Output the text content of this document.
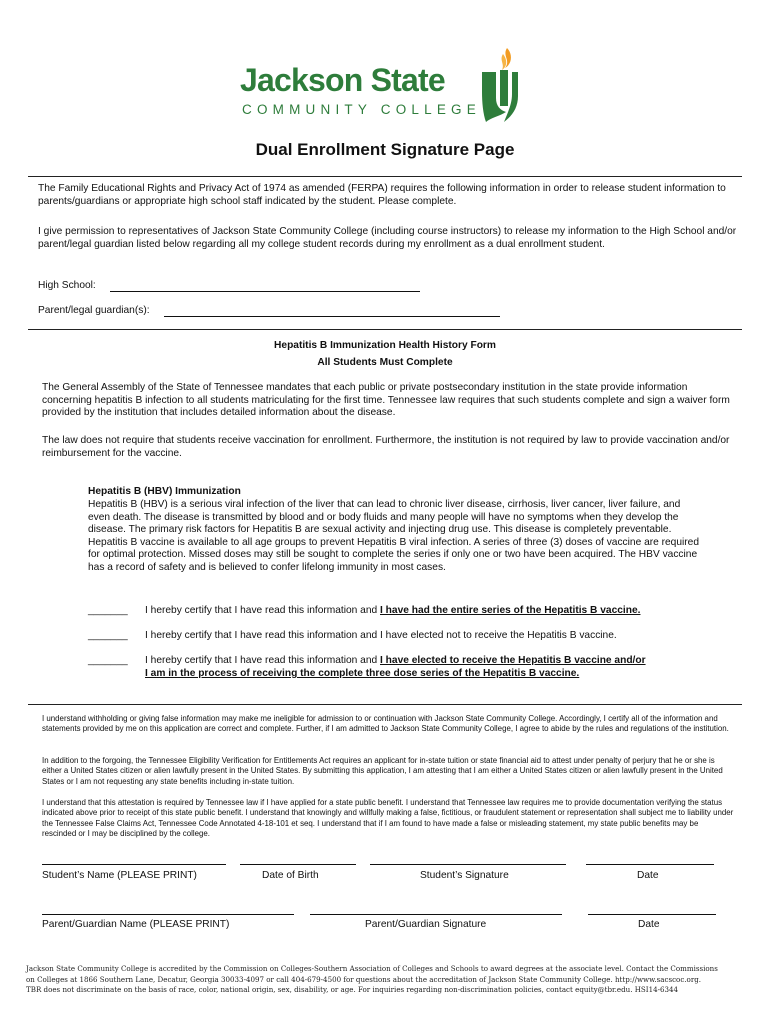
Jackson State
COMMUNITY COLLEGE
Dual Enrollment Signature Page
The Family Educational Rights and Privacy Act of 1974 as amended (FERPA) requires the following information in order to release student information to parents/guardians or appropriate high school staff indicated by the student. Please complete.
I give permission to representatives of Jackson State Community College (including course instructors) to release my information to the High School and/or parent/legal guardian listed below regarding all my college student records during my enrollment as a dual enrollment student.
High School:
Parent/legal guardian(s):
Hepatitis B Immunization Health History Form
All Students Must Complete
The General Assembly of the State of Tennessee mandates that each public or private postsecondary institution in the state provide information concerning hepatitis B infection to all students matriculating for the first time. Tennessee law requires that such students complete and sign a waiver form provided by the institution that includes detailed information about the disease.
The law does not require that students receive vaccination for enrollment. Furthermore, the institution is not required by law to provide vaccination and/or reimbursement for the vaccine.
Hepatitis B (HBV) Immunization
Hepatitis B (HBV) is a serious viral infection of the liver that can lead to chronic liver disease, cirrhosis, liver cancer, liver failure, and even death. The disease is transmitted by blood and or body fluids and many people will have no symptoms when they develop the disease. The primary risk factors for Hepatitis B are sexual activity and injecting drug use. This disease is completely preventable. Hepatitis B vaccine is available to all age groups to prevent Hepatitis B viral infection. A series of three (3) doses of vaccine are required for optimal protection. Missed doses may still be sought to complete the series if only one or two have been acquired. The HBV vaccine has a record of safety and is believed to confer lifelong immunity in most cases.
_______ I hereby certify that I have read this information and I have had the entire series of the Hepatitis B vaccine.
_______ I hereby certify that I have read this information and I have elected not to receive the Hepatitis B vaccine.
_______ I hereby certify that I have read this information and I have elected to receive the Hepatitis B vaccine and/or
I am in the process of receiving the complete three dose series of the Hepatitis B vaccine.
I understand withholding or giving false information may make me ineligible for admission to or continuation with Jackson State Community College. Accordingly, I certify all of the information and statements provided by me on this application are correct and complete. Further, if I am admitted to Jackson State Community College, I agree to abide by the rules and regulations of the institution.
In addition to the forgoing, the Tennessee Eligibility Verification for Entitlements Act requires an applicant for in-state tuition or state financial aid to attest under penalty of perjury that he or she is either a United States citizen or alien lawfully present in the United States. By submitting this application, I am attesting that I am either a United States citizen or alien lawfully present in the United States or I am not requesting any state benefits including in-state tuition.
I understand that this attestation is required by Tennessee law if I have applied for a state public benefit. I understand that Tennessee law requires me to provide documentation verifying the status indicated above prior to receipt of this state public benefit. I understand that knowingly and willfully making a false, fictitious, or fraudulent statement or representation shall subject me to liability under the Tennessee False Claims Act, Tennessee Code Annotated 4-18-101 et seq. I understand that if I am found to have made a false or misleading statement, my state public benefits may be rescinded or I may be disciplined by the college.
Student’s Name (PLEASE PRINT)	Date of Birth	Student’s Signature	Date
Parent/Guardian Name (PLEASE PRINT)	Parent/Guardian Signature	Date
Jackson State Community College is accredited by the Commission on Colleges-Southern Association of Colleges and Schools to award degrees at the associate level. Contact the Commissions
on Colleges at 1866 Southern Lane, Decatur, Georgia 30033-4097 or call 404-679-4500 for questions about the accreditation of Jackson State Community College. http://www.sacscoc.org.
TBR does not discriminate on the basis of race, color, national origin, sex, disability, or age. For inquiries regarding non-discrimination policies, contact equity@tbr.edu. HSI14-6344
